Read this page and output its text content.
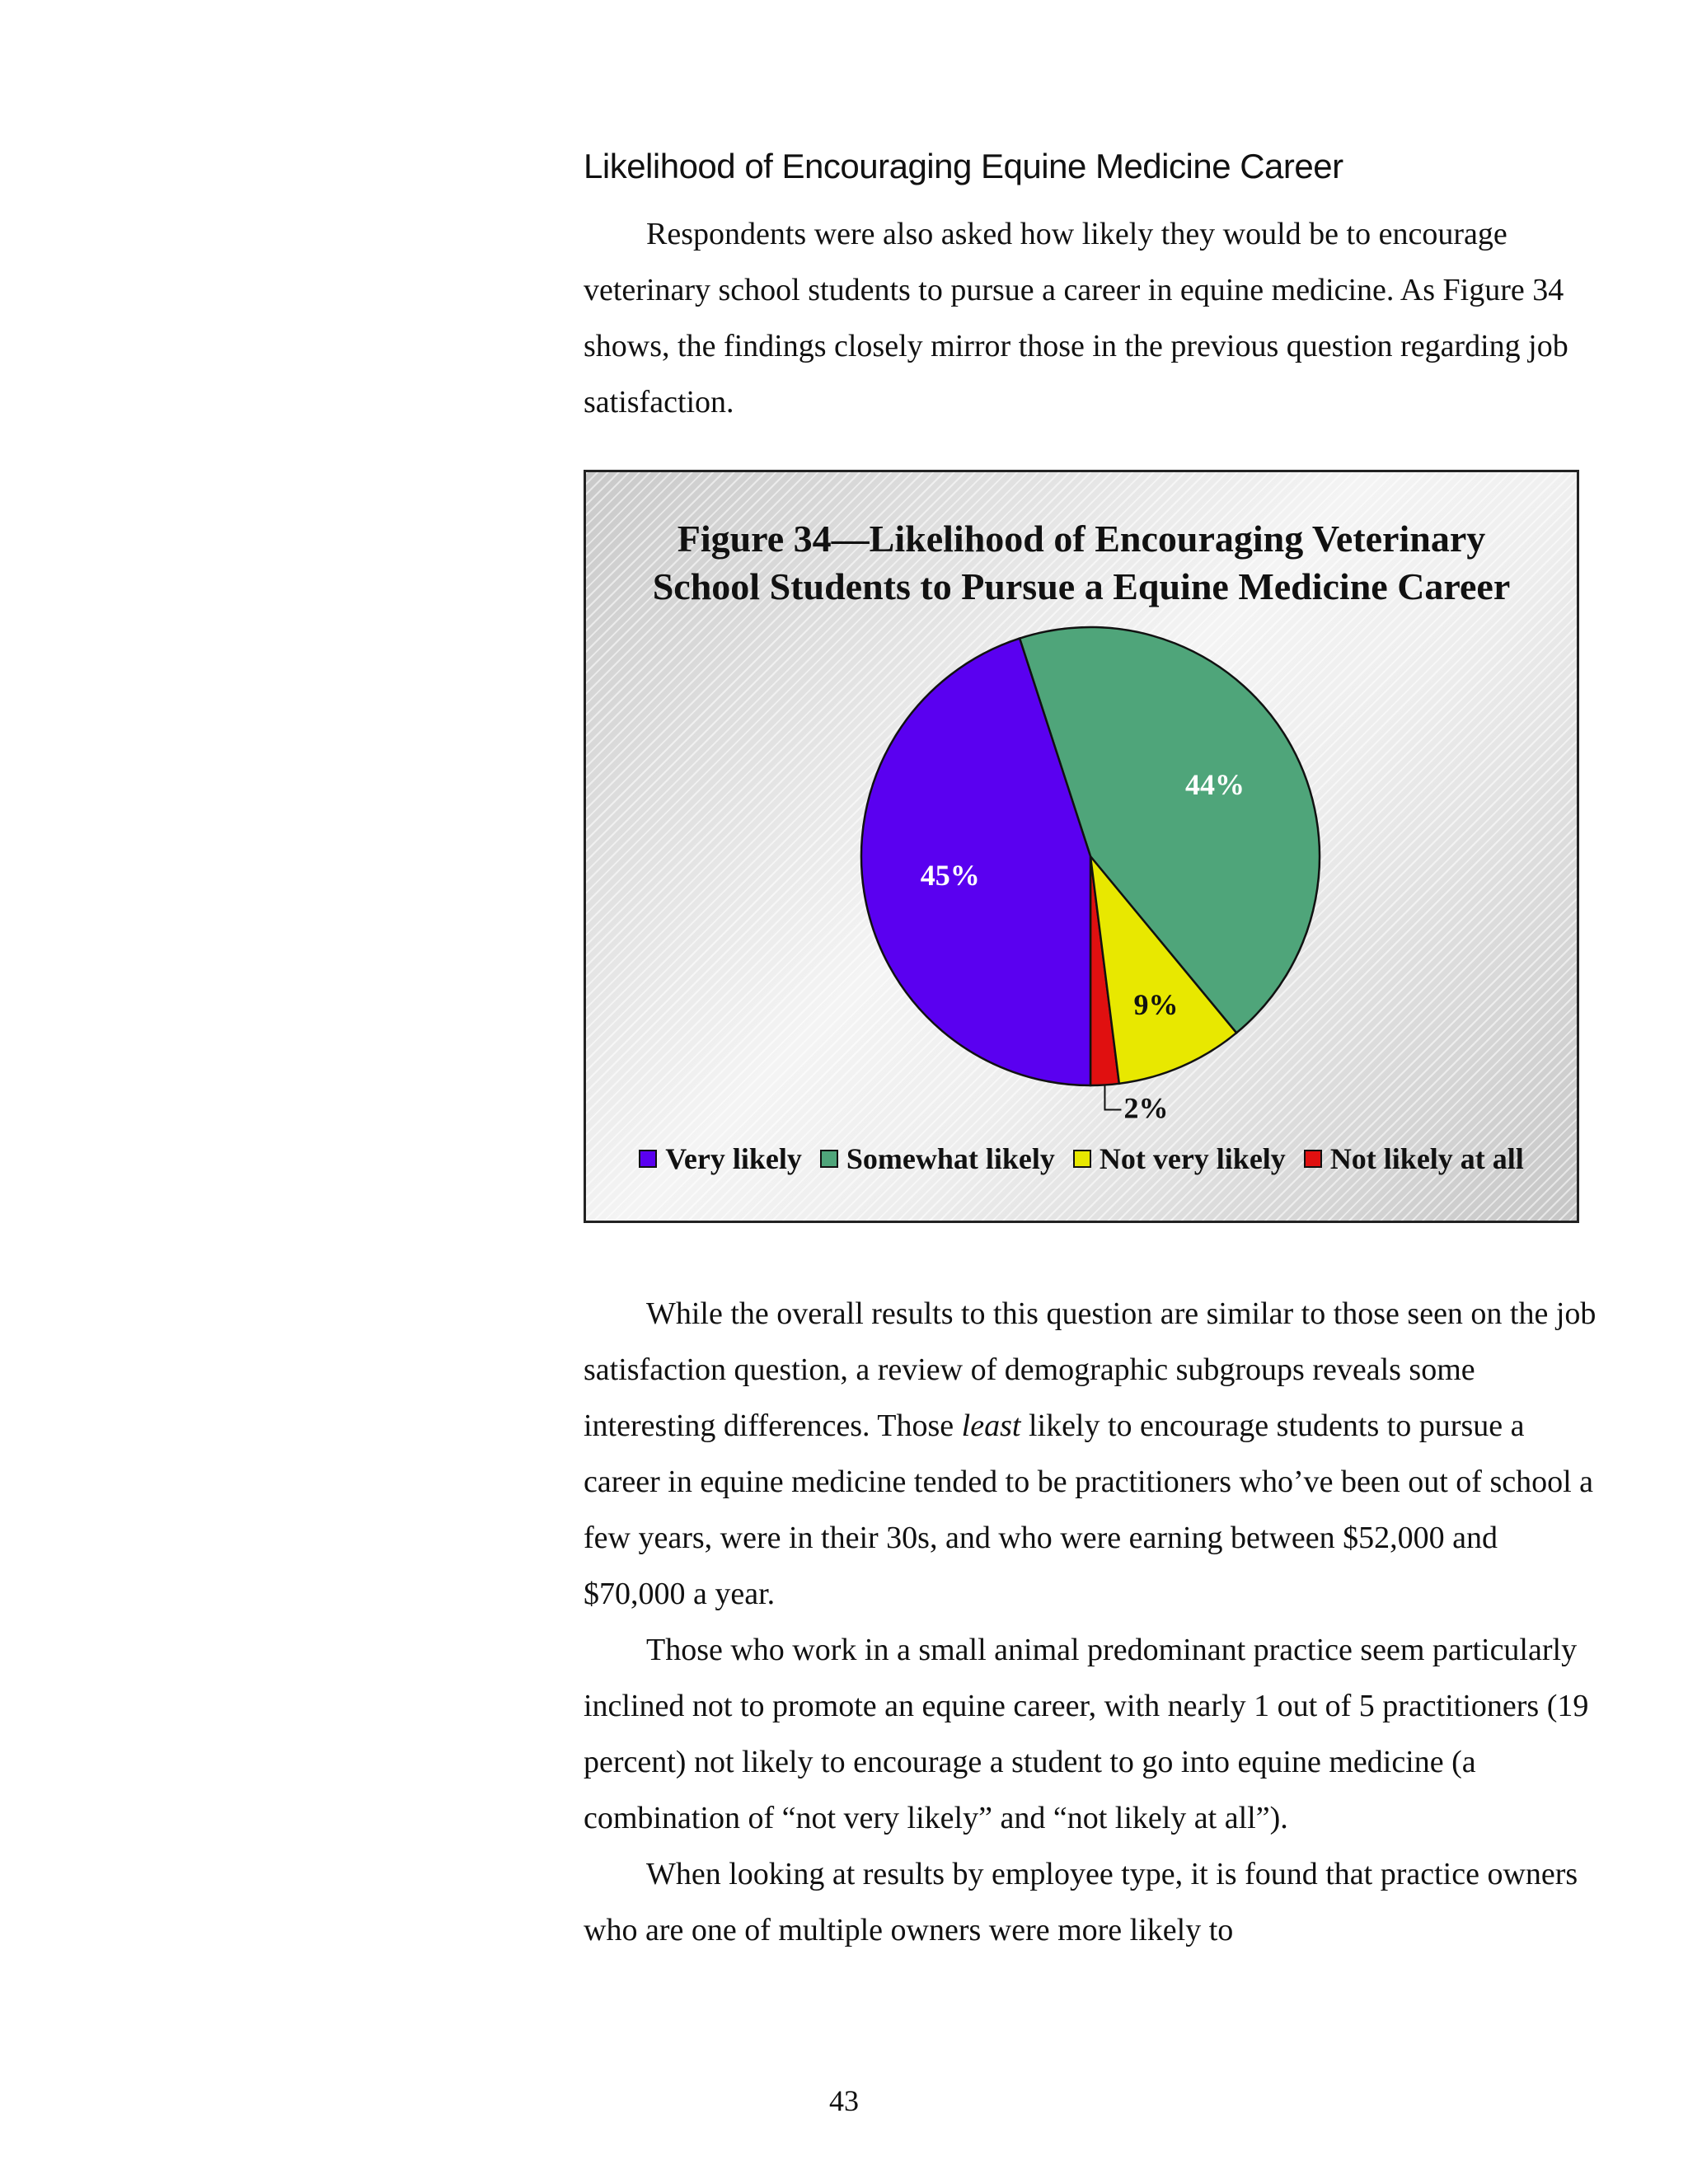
Likelihood of Encouraging Equine Medicine Career

Respondents were also asked how likely they would be to encourage veterinary school students to pursue a career in equine medicine. As Figure 34 shows, the findings closely mirror those in the previous question regarding job satisfaction.

Figure 34—Likelihood of Encouraging Veterinary
School Students to Pursue a Equine Medicine Career
2%
9%
44%
45%
Very likely Somewhat likely Not very likely Not likely at all

While the overall results to this question are similar to those seen on the job satisfaction question, a review of demographic subgroups reveals some interesting differences. Those least likely to encourage students to pursue a career in equine medicine tended to be practitioners who’ve been out of school a few years, were in their 30s, and who were earning between $52,000 and $70,000 a year.

Those who work in a small animal predominant practice seem particularly inclined not to promote an equine career, with nearly 1 out of 5 practitioners (19 percent) not likely to encourage a student to go into equine medicine (a combination of “not very likely” and “not likely at all”).

When looking at results by employee type, it is found that practice owners who are one of multiple owners were more likely to

43
